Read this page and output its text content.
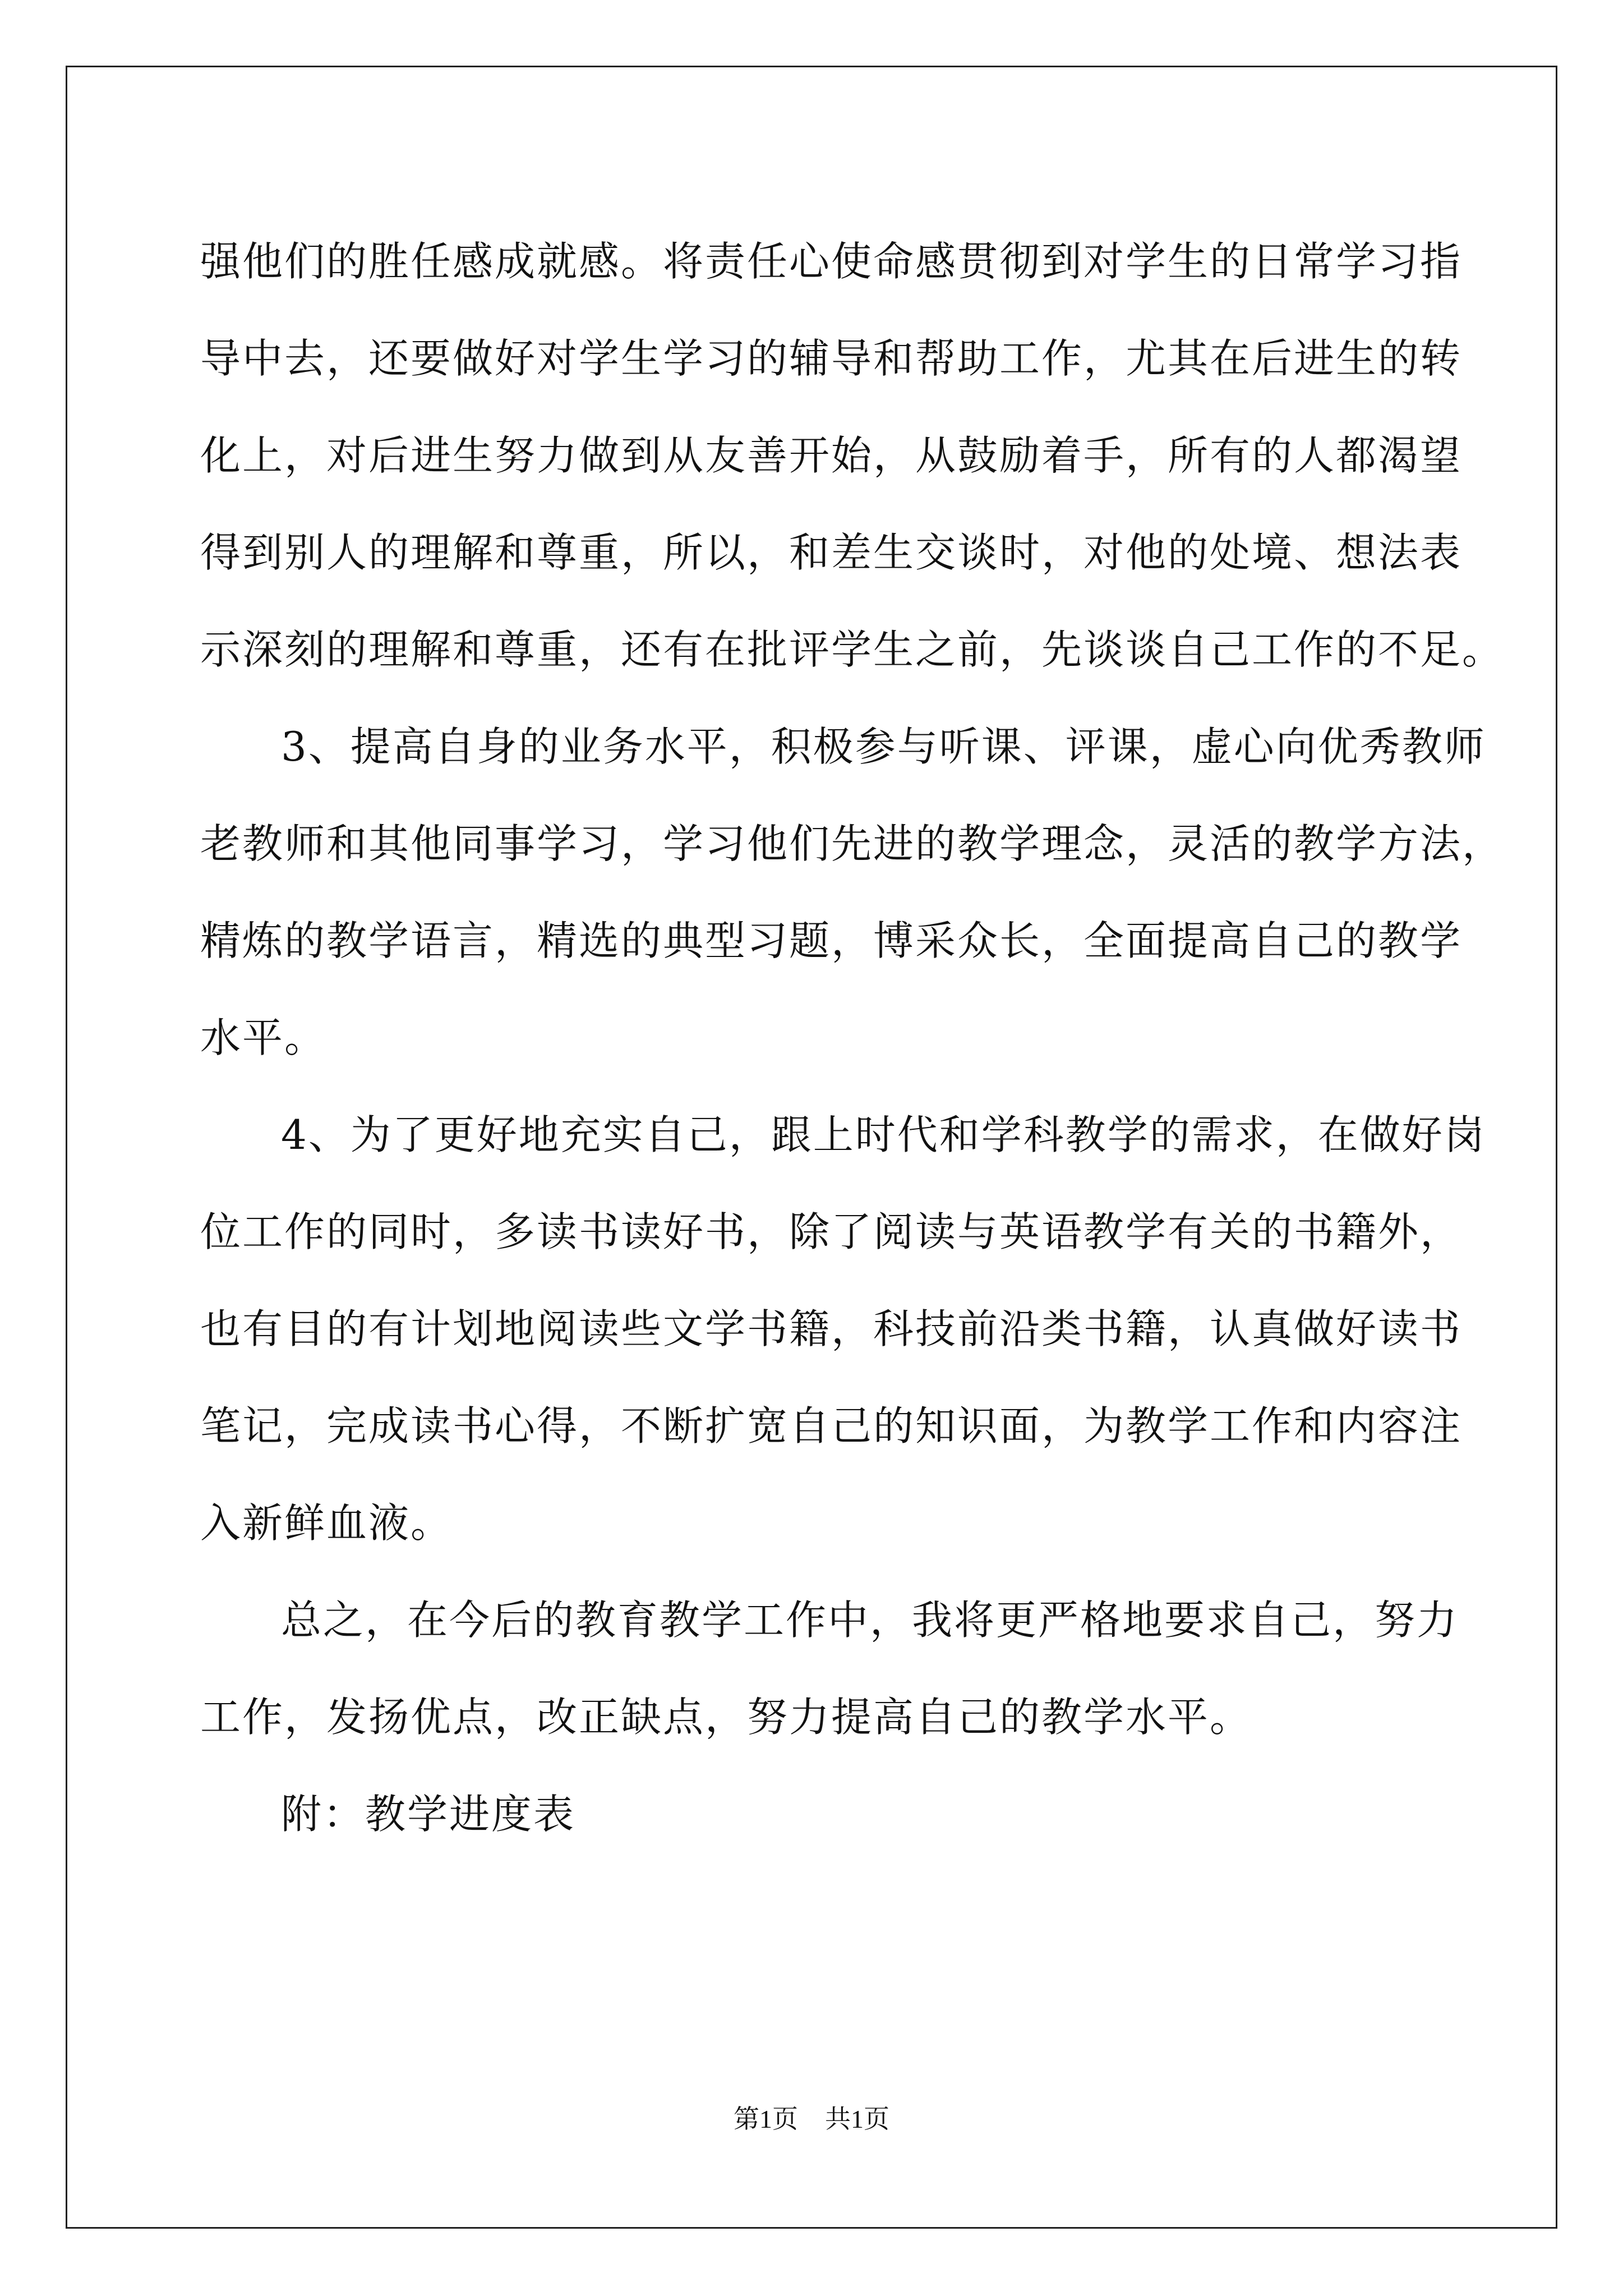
强他们的胜任感成就感。将责任心使命感贯彻到对学生的日常学习指
导中去，还要做好对学生学习的辅导和帮助工作，尤其在后进生的转
化上，对后进生努力做到从友善开始，从鼓励着手，所有的人都渴望
得到别人的理解和尊重，所以，和差生交谈时，对他的处境、想法表
示深刻的理解和尊重，还有在批评学生之前，先谈谈自己工作的不足。
3、提高自身的业务水平，积极参与听课、评课，虚心向优秀教师
老教师和其他同事学习，学习他们先进的教学理念，灵活的教学方法，
精炼的教学语言，精选的典型习题，博采众长，全面提高自己的教学
水平。
4、为了更好地充实自己，跟上时代和学科教学的需求，在做好岗
位工作的同时，多读书读好书，除了阅读与英语教学有关的书籍外，
也有目的有计划地阅读些文学书籍，科技前沿类书籍，认真做好读书
笔记，完成读书心得，不断扩宽自己的知识面，为教学工作和内容注
入新鲜血液。
总之，在今后的教育教学工作中，我将更严格地要求自己，努力
工作，发扬优点，改正缺点，努力提高自己的教学水平。
附：教学进度表
第1页 共1页
